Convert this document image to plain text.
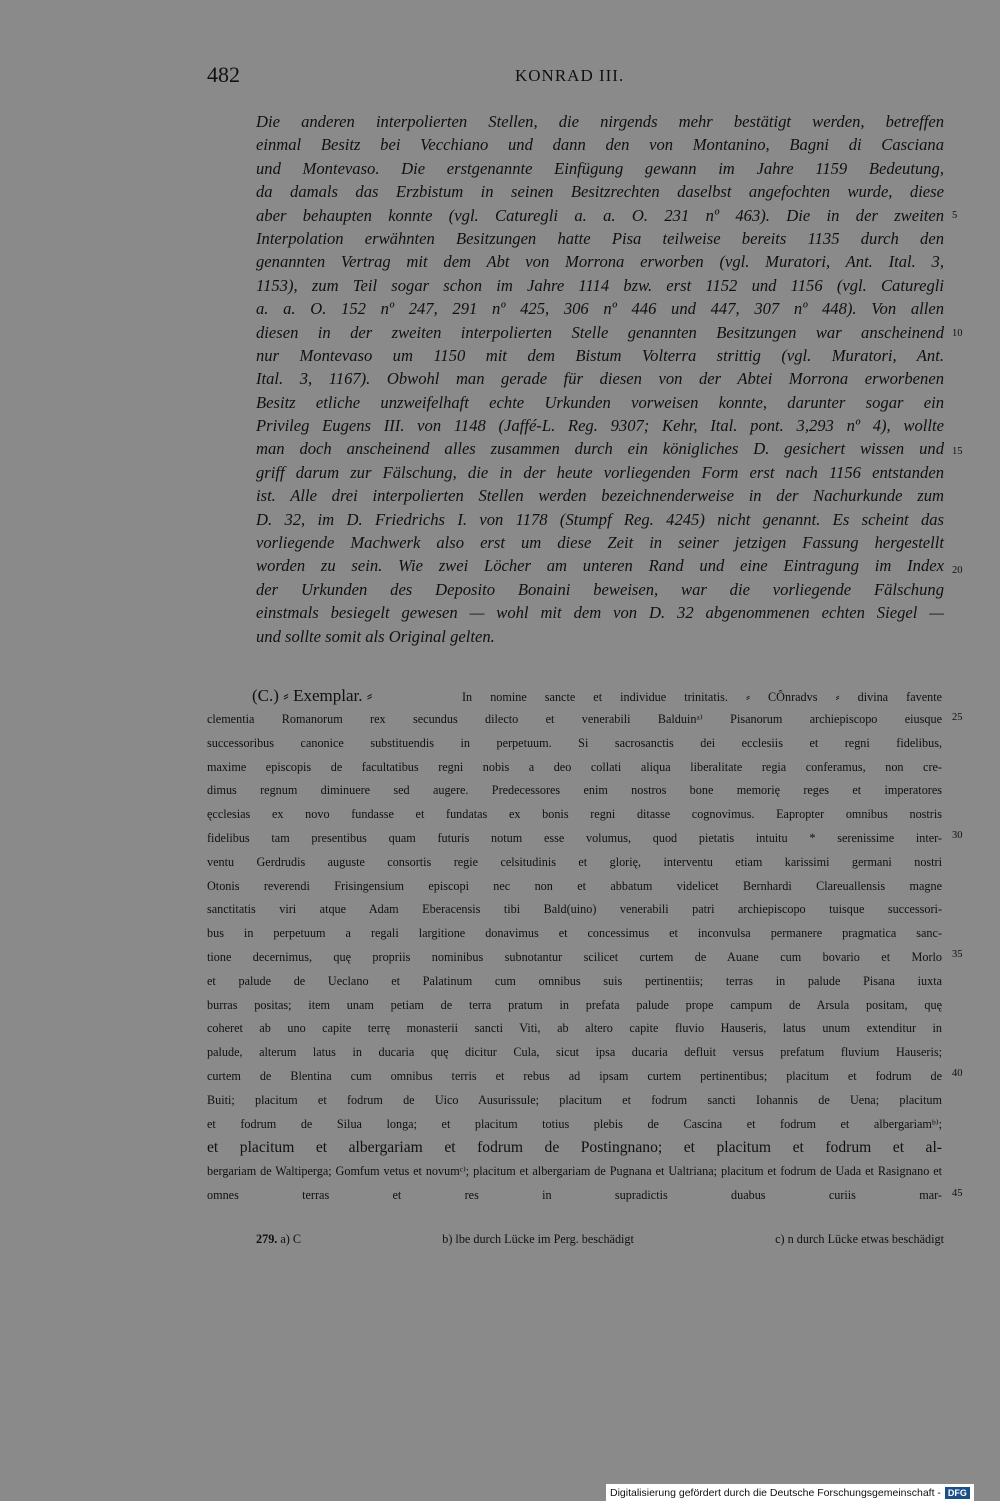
482	KONRAD III.
Die anderen interpolierten Stellen, die nirgends mehr bestätigt werden, betreffen
einmal Besitz bei Vecchiano und dann den von Montanino, Bagni di Casciana
und Montevaso. Die erstgenannte Einfügung gewann im Jahre 1159 Bedeutung,
da damals das Erzbistum in seinen Besitzrechten daselbst angefochten wurde, diese
aber behaupten konnte (vgl. Caturegli a. a. O. 231 nº 463). Die in der zweiten
Interpolation erwähnten Besitzungen hatte Pisa teilweise bereits 1135 durch den
genannten Vertrag mit dem Abt von Morrona erworben (vgl. Muratori, Ant. Ital. 3,
1153), zum Teil sogar schon im Jahre 1114 bzw. erst 1152 und 1156 (vgl. Caturegli
a. a. O. 152 nº 247, 291 nº 425, 306 nº 446 und 447, 307 nº 448). Von allen
diesen in der zweiten interpolierten Stelle genannten Besitzungen war anscheinend
nur Montevaso um 1150 mit dem Bistum Volterra strittig (vgl. Muratori, Ant.
Ital. 3, 1167). Obwohl man gerade für diesen von der Abtei Morrona erworbenen
Besitz etliche unzweifelhaft echte Urkunden vorweisen konnte, darunter sogar ein
Privileg Eugens III. von 1148 (Jaffé-L. Reg. 9307; Kehr, Ital. pont. 3,293 nº 4), wollte
man doch anscheinend alles zusammen durch ein königliches D. gesichert wissen und
griff darum zur Fälschung, die in der heute vorliegenden Form erst nach 1156 entstanden
ist. Alle drei interpolierten Stellen werden bezeichnenderweise in der Nachurkunde zum
D. 32, im D. Friedrichs I. von 1178 (Stumpf Reg. 4245) nicht genannt. Es scheint das
vorliegende Machwerk also erst um diese Zeit in seiner jetzigen Fassung hergestellt
worden zu sein. Wie zwei Löcher am unteren Rand und eine Eintragung im Index
der Urkunden des Deposito Bonaini beweisen, war die vorliegende Fälschung
einstmals besiegelt gewesen — wohl mit dem von D. 32 abgenommenen echten Siegel —
und sollte somit als Original gelten.
5
10
15
20
25
30
35
40
45
(C.) ⸗ Exemplar. ⸗	In nomine sancte et individue trinitatis. ⸗ CÔnradvs ⸗ divina favente
clementia Romanorum rex secundus dilecto et venerabili Balduinᵃ⁾ Pisanorum archiepiscopo eiusque
successoribus canonice substituendis in perpetuum. Si sacrosanctis dei ecclesiis et regni fidelibus,
maxime episcopis de facultatibus regni nobis a deo collati aliqua liberalitate regia conferamus, non cre-
dimus regnum diminuere sed augere. Predecessores enim nostros bone memorię reges et imperatores
ęcclesias ex novo fundasse et fundatas ex bonis regni ditasse cognovimus. Eapropter omnibus nostris
fidelibus tam presentibus quam futuris notum esse volumus, quod pietatis intuitu * serenissime inter-
ventu Gerdrudis auguste consortis regie celsitudinis et glorię, interventu etiam karissimi germani nostri
Otonis reverendi Frisingensium episcopi nec non et abbatum videlicet Bernhardi Clareuallensis magne
sanctitatis viri atque Adam Eberacensis tibi Bald(uino) venerabili patri archiepiscopo tuisque successori-
bus in perpetuum a regali largitione donavimus et concessimus et inconvulsa permanere pragmatica sanc-
tione decernimus, quę propriis nominibus subnotantur scilicet curtem de Auane cum bovario et Morlo
et palude de Ueclano et Palatinum cum omnibus suis pertinentiis; terras in palude Pisana iuxta
burras positas; item unam petiam de terra pratum in prefata palude prope campum de Arsula positam, quę
coheret ab uno capite terrę monasterii sancti Viti, ab altero capite fluvio Hauseris, latus unum extenditur in
palude, alterum latus in ducaria quę dicitur Cula, sicut ipsa ducaria defluit versus prefatum fluvium Hauseris;
curtem de Blentina cum omnibus terris et rebus ad ipsam curtem pertinentibus; placitum et fodrum de
Buiti; placitum et fodrum de Uico Ausurissule; placitum et fodrum sancti Iohannis de Uena; placitum
et fodrum de Silua longa; et placitum totius plebis de Cascina et fodrum et albergariamᵇ⁾;
et placitum et albergariam et fodrum de Postingnano; et placitum et fodrum et al-
bergariam de Waltiperga; Gomfum vetus et novumᶜ⁾; placitum et albergariam de Pugnana et Ualtriana; placitum et fodrum de Uada et Rasignano et omnes terras et res in supradictis duabus curiis mar-
279. a) C	b) lbe durch Lücke im Perg. beschädigt	c) n durch Lücke etwas beschädigt
Digitalisierung gefördert durch die Deutsche Forschungsgemeinschaft - DFG
